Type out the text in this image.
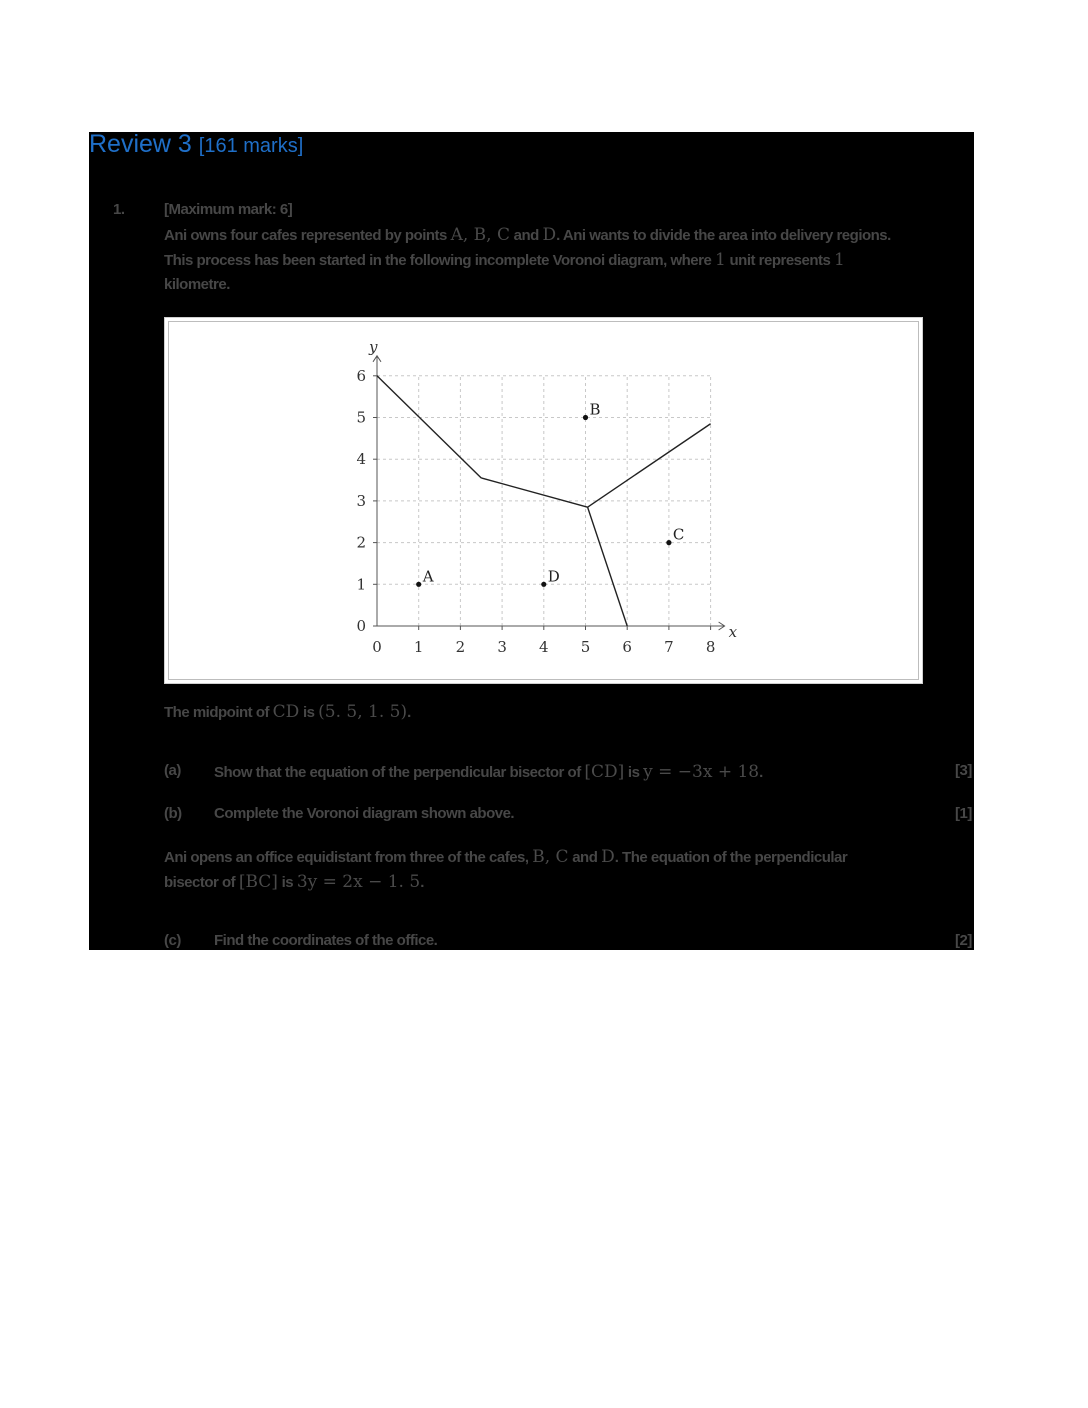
Review 3 [161 marks]
1.	[Maximum mark: 6]
Ani owns four cafes represented by points A, B, C and D. Ani wants to divide the area into delivery regions.
This process has been started in the following incomplete Voronoi diagram, where 1 unit represents 1
kilometre.
x
y
0 1 2 3 4 5 6 7 8
0
1
2
3
4
5
6
A
B
C
D
The midpoint of CD is (5. 5, 1. 5).
(a) Show that the equation of the perpendicular bisector of [CD] is y = −3x + 18.	[3]
(b) Complete the Voronoi diagram shown above.	[1]
Ani opens an office equidistant from three of the cafes, B, C and D. The equation of the perpendicular
bisector of [BC] is 3y = 2x − 1. 5.
(c) Find the coordinates of the office.	[2]
